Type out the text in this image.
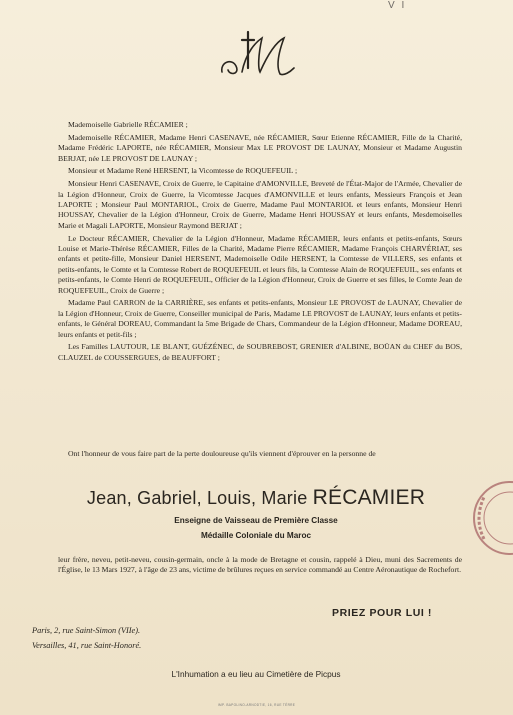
V I

Mademoiselle Gabrielle RÉCAMIER ;

Mademoiselle RÉCAMIER, Madame Henri CASENAVE, née RÉCAMIER, Sœur Etienne RÉCAMIER, Fille de la Charité, Madame Frédéric LAPORTE, née RÉCAMIER, Monsieur Max LE PROVOST DE LAUNAY, Monsieur et Madame Augustin BERJAT, née LE PROVOST DE LAUNAY ;

Monsieur et Madame René HERSENT, la Vicomtesse de ROQUEFEUIL ;

Monsieur Henri CASENAVE, Croix de Guerre, le Capitaine d'AMONVILLE, Breveté de l'État-Major de l'Armée, Chevalier de la Légion d'Honneur, Croix de Guerre, la Vicomtesse Jacques d'AMONVILLE et leurs enfants, Messieurs François et Jean LAPORTE ; Monsieur Paul MONTARIOL, Croix de Guerre, Madame Paul MONTARIOL et leurs enfants, Monsieur Henri HOUSSAY, Chevalier de la Légion d'Honneur, Croix de Guerre, Madame Henri HOUSSAY et leurs enfants, Mesdemoiselles Marie et Magali LAPORTE, Monsieur Raymond BERJAT ;

Le Docteur RÉCAMIER, Chevalier de la Légion d'Honneur, Madame RÉCAMIER, leurs enfants et petits-enfants, Sœurs Louise et Marie-Thérèse RÉCAMIER, Filles de la Charité, Madame Pierre RÉCAMIER, Madame François CHARVÉRIAT, ses enfants et petite-fille, Monsieur Daniel HERSENT, Mademoiselle Odile HERSENT, la Comtesse de VILLERS, ses enfants et petits-enfants, le Comte et la Comtesse Robert de ROQUEFEUIL et leurs fils, la Comtesse Alain de ROQUEFEUIL, ses enfants et petits-enfants, le Comte Henri de ROQUEFEUIL, Officier de la Légion d'Honneur, Croix de Guerre et ses filles, le Comte Jean de ROQUEFEUIL, Croix de Guerre ;

Madame Paul CARRON de la CARRIÈRE, ses enfants et petits-enfants, Monsieur LE PROVOST de LAUNAY, Chevalier de la Légion d'Honneur, Croix de Guerre, Conseiller municipal de Paris, Madame LE PROVOST de LAUNAY, leurs enfants et petits-enfants, le Général DOREAU, Commandant la 5me Brigade de Chars, Commandeur de la Légion d'Honneur, Madame DOREAU, leurs enfants et petit-fils ;

Les Familles LAUTOUR, LE BLANT, GUÉZÉNEC, de SOUBREBOST, GRENIER d'ALBINE, BOÜAN du CHEF du BOS, CLAUZEL de COUSSERGUES, de BEAUFFORT ;

Ont l'honneur de vous faire part de la perte douloureuse qu'ils viennent d'éprouver en la personne de
Jean, Gabriel, Louis, Marie RÉCAMIER
Enseigne de Vaisseau de Première Classe
Médaille Coloniale du Maroc
leur frère, neveu, petit-neveu, cousin-germain, oncle à la mode de Bretagne et cousin, rappelé à Dieu, muni des Sacrements de l'Église, le 13 Mars 1927, à l'âge de 23 ans, victime de brûlures reçues en service commandé au Centre Aéronautique de Rochefort.
PRIEZ POUR LUI !
Paris, 2, rue Saint-Simon (VIIe).
Versailles, 41, rue Saint-Honoré.
L'Inhumation a eu lieu au Cimetière de Picpus
IMP. BAPOLINO-ARNODTIE, 16, RUE TÉRRE
